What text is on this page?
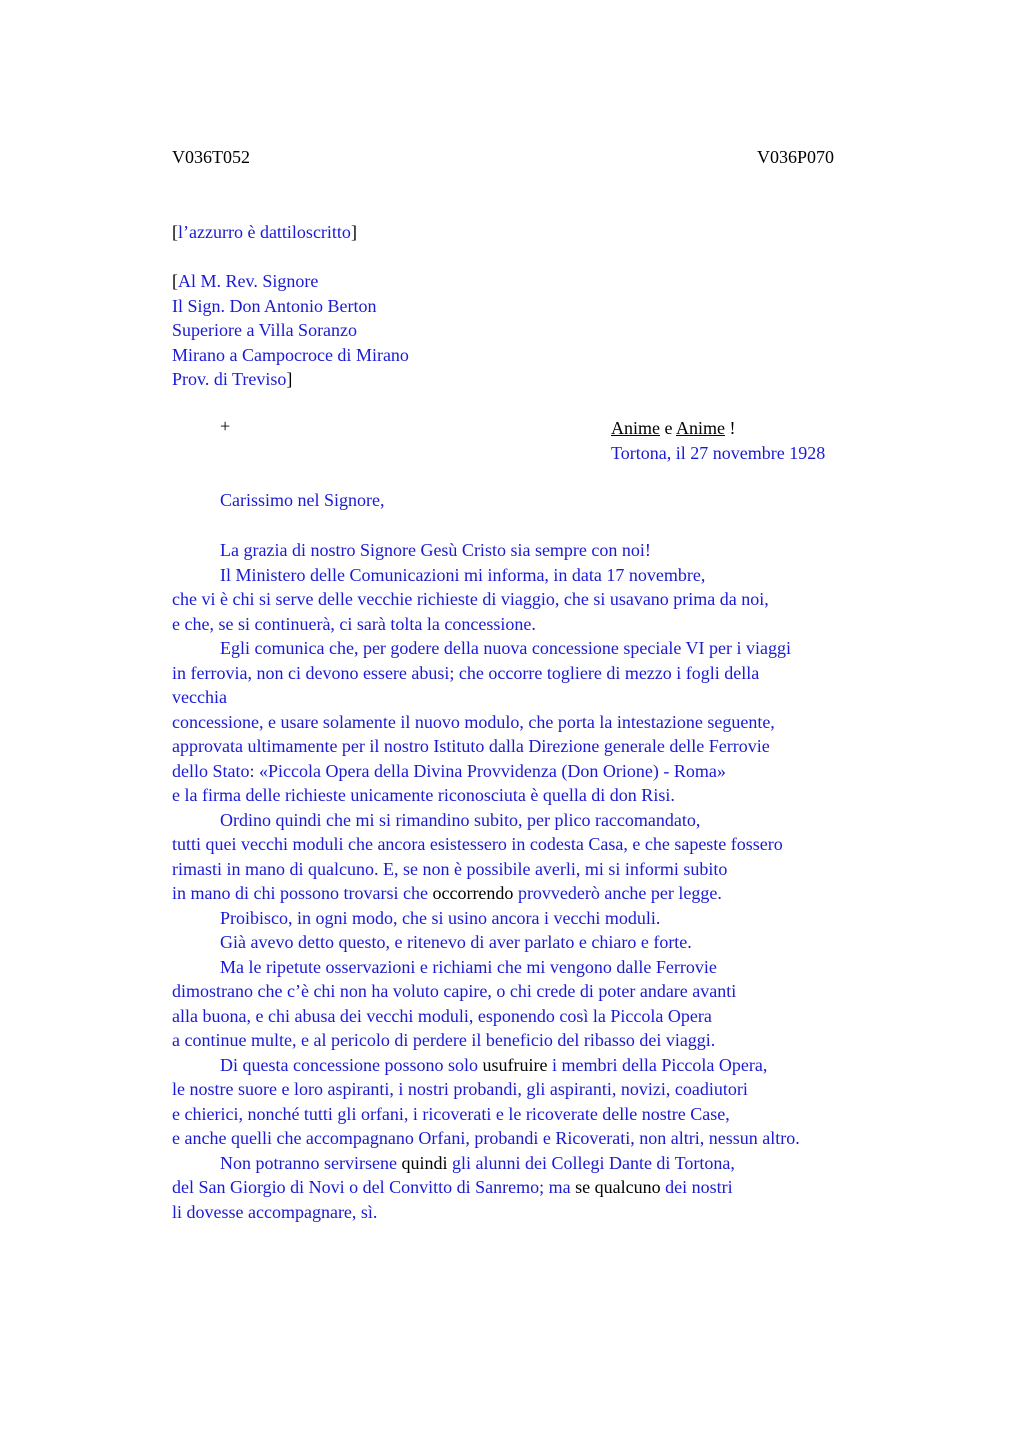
V036T052	V036P070
[l’azzurro è dattiloscritto]
[Al M. Rev. Signore
Il Sign. Don Antonio Berton
Superiore a Villa Soranzo
Mirano a Campocroce di Mirano
Prov. di Treviso]
+	Anime e Anime !
Tortona, il 27 novembre 1928
Carissimo nel Signore,
La grazia di nostro Signore Gesù Cristo sia sempre con noi!
Il Ministero delle Comunicazioni mi informa, in data 17 novembre,
che vi è chi si serve delle vecchie richieste di viaggio, che si usavano prima da noi,
e che, se si continuerà, ci sarà tolta la concessione.
Egli comunica che, per godere della nuova concessione speciale VI per i viaggi
in ferrovia, non ci devono essere abusi; che occorre togliere di mezzo i fogli della
vecchia
concessione, e usare solamente il nuovo modulo, che porta la intestazione seguente,
approvata ultimamente per il nostro Istituto dalla Direzione generale delle Ferrovie
dello Stato: «Piccola Opera della Divina Provvidenza (Don Orione) - Roma»
e la firma delle richieste unicamente riconosciuta è quella di don Risi.
Ordino quindi che mi si rimandino subito, per plico raccomandato,
tutti quei vecchi moduli che ancora esistessero in codesta Casa, e che sapeste fossero
rimasti in mano di qualcuno. E, se non è possibile averli, mi si informi subito
in mano di chi possono trovarsi che occorrendo provvederò anche per legge.
Proibisco, in ogni modo, che si usino ancora i vecchi moduli.
Già avevo detto questo, e ritenevo di aver parlato e chiaro e forte.
Ma le ripetute osservazioni e richiami che mi vengono dalle Ferrovie
dimostrano che c’è chi non ha voluto capire, o chi crede di poter andare avanti
alla buona, e chi abusa dei vecchi moduli, esponendo così la Piccola Opera
a continue multe, e al pericolo di perdere il beneficio del ribasso dei viaggi.
Di questa concessione possono solo usufruire i membri della Piccola Opera,
le nostre suore e loro aspiranti, i nostri probandi, gli aspiranti, novizi, coadiutori
e chierici, nonché tutti gli orfani, i ricoverati e le ricoverate delle nostre Case,
e anche quelli che accompagnano Orfani, probandi e Ricoverati, non altri, nessun altro.
Non potranno servirsene quindi gli alunni dei Collegi Dante di Tortona,
del San Giorgio di Novi o del Convitto di Sanremo; ma se qualcuno dei nostri
li dovesse accompagnare, sì.
